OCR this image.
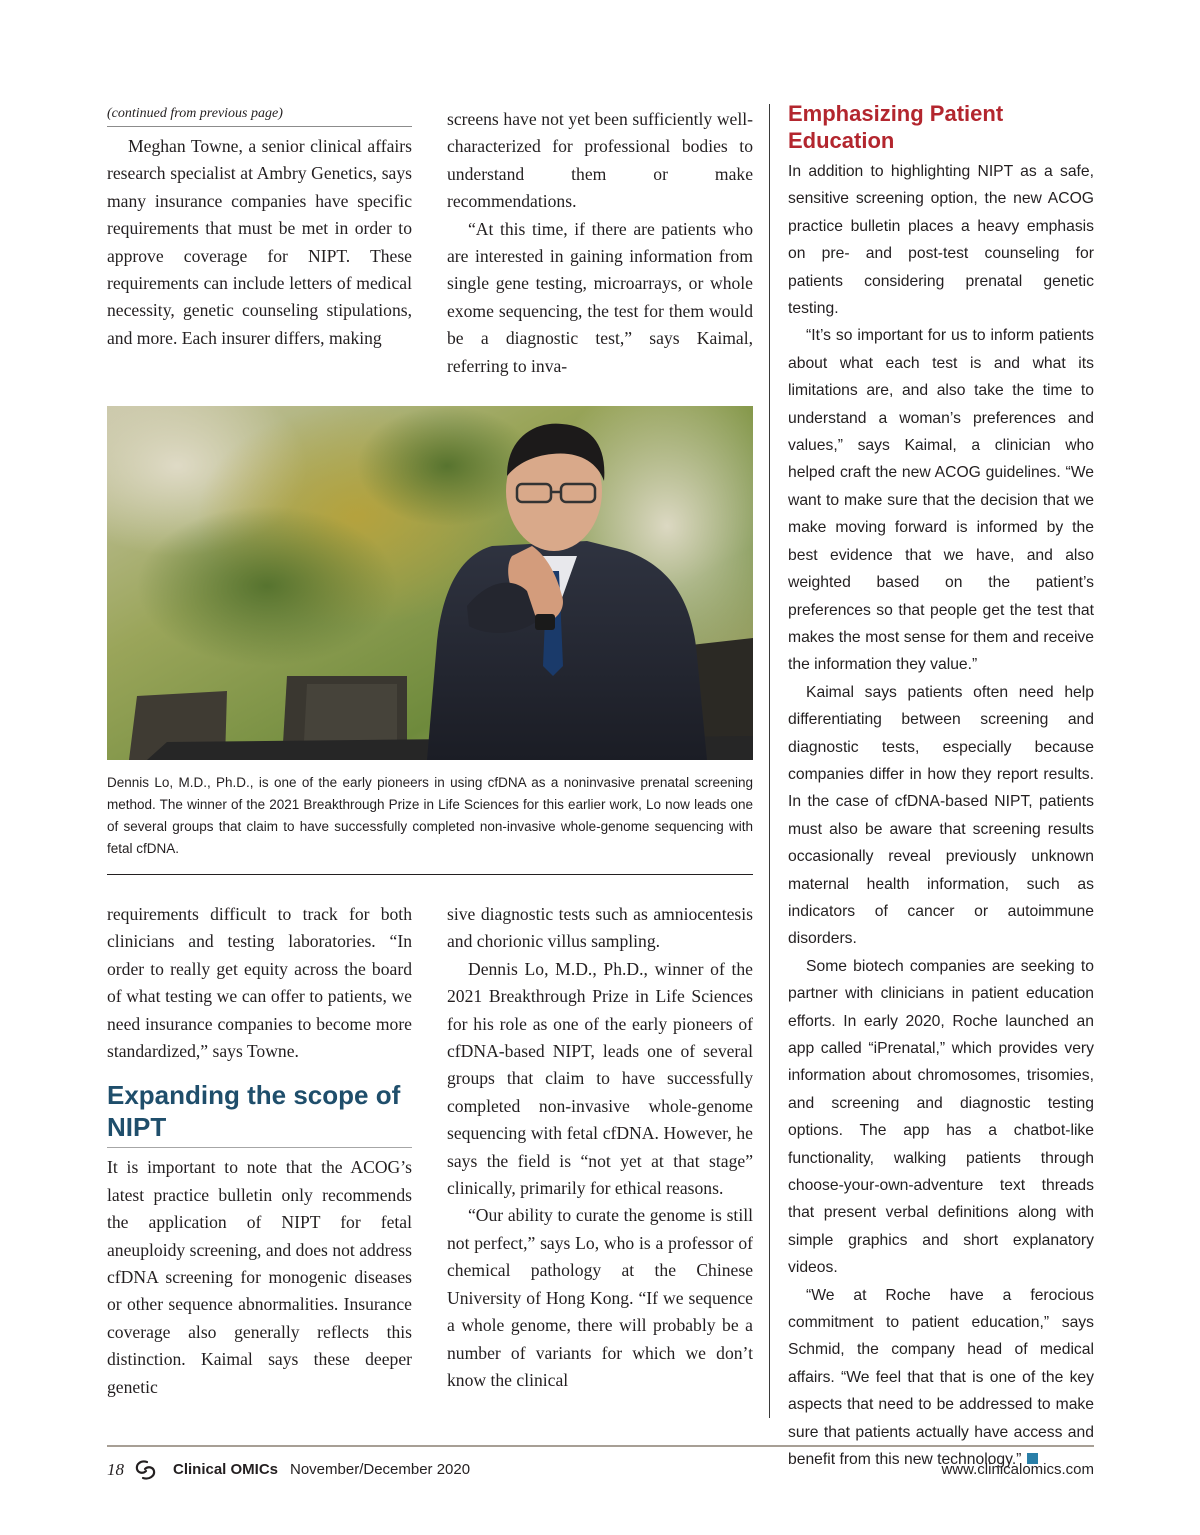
(continued from previous page)

Meghan Towne, a senior clinical affairs research specialist at Ambry Genetics, says many insurance companies have specific requirements that must be met in order to approve coverage for NIPT. These requirements can include letters of medical necessity, genetic counseling stipulations, and more. Each insurer differs, making

screens have not yet been sufficiently well-characterized for professional bodies to understand them or make recommendations.

“At this time, if there are patients who are interested in gaining information from single gene testing, microarrays, or whole exome sequencing, the test for them would be a diagnostic test,” says Kaimal, referring to inva-

Dennis Lo, M.D., Ph.D., is one of the early pioneers in using cfDNA as a noninvasive prenatal screening method. The winner of the 2021 Breakthrough Prize in Life Sciences for this earlier work, Lo now leads one of several groups that claim to have successfully completed non-invasive whole-genome sequencing with fetal cfDNA.

requirements difficult to track for both clinicians and testing laboratories. “In order to really get equity across the board of what testing we can offer to patients, we need insurance companies to become more standardized,” says Towne.

Expanding the scope of NIPT

It is important to note that the ACOG’s latest practice bulletin only recommends the application of NIPT for fetal aneuploidy screening, and does not address cfDNA screening for monogenic diseases or other sequence abnormalities. Insurance coverage also generally reflects this distinction. Kaimal says these deeper genetic

sive diagnostic tests such as amniocentesis and chorionic villus sampling.

Dennis Lo, M.D., Ph.D., winner of the 2021 Breakthrough Prize in Life Sciences for his role as one of the early pioneers of cfDNA-based NIPT, leads one of several groups that claim to have successfully completed non-invasive whole-genome sequencing with fetal cfDNA. However, he says the field is “not yet at that stage” clinically, primarily for ethical reasons.

“Our ability to curate the genome is still not perfect,” says Lo, who is a professor of chemical pathology at the Chinese University of Hong Kong. “If we sequence a whole genome, there will probably be a number of variants for which we don’t know the clinical

Emphasizing Patient Education

In addition to highlighting NIPT as a safe, sensitive screening option, the new ACOG practice bulletin places a heavy emphasis on pre- and post-test counseling for patients considering prenatal genetic testing.

“It’s so important for us to inform patients about what each test is and what its limitations are, and also take the time to understand a woman’s preferences and values,” says Kaimal, a clinician who helped craft the new ACOG guidelines. “We want to make sure that the decision that we make moving forward is informed by the best evidence that we have, and also weighted based on the patient’s preferences so that people get the test that makes the most sense for them and receive the information they value.”

Kaimal says patients often need help differentiating between screening and diagnostic tests, especially because companies differ in how they report results. In the case of cfDNA-based NIPT, patients must also be aware that screening results occasionally reveal previously unknown maternal health information, such as indicators of cancer or autoimmune disorders.

Some biotech companies are seeking to partner with clinicians in patient education efforts. In early 2020, Roche launched an app called “iPrenatal,” which provides very information about chromosomes, trisomies, and screening and diagnostic testing options. The app has a chatbot-like functionality, walking patients through choose-your-own-adventure text threads that present verbal definitions along with simple graphics and short explanatory videos.

“We at Roche have a ferocious commitment to patient education,” says Schmid, the company head of medical affairs. “We feel that that is one of the key aspects that need to be addressed to make sure that patients actually have access and benefit from this new technology.”

18	Clinical OMICs November/December 2020	www.clinicalomics.com
